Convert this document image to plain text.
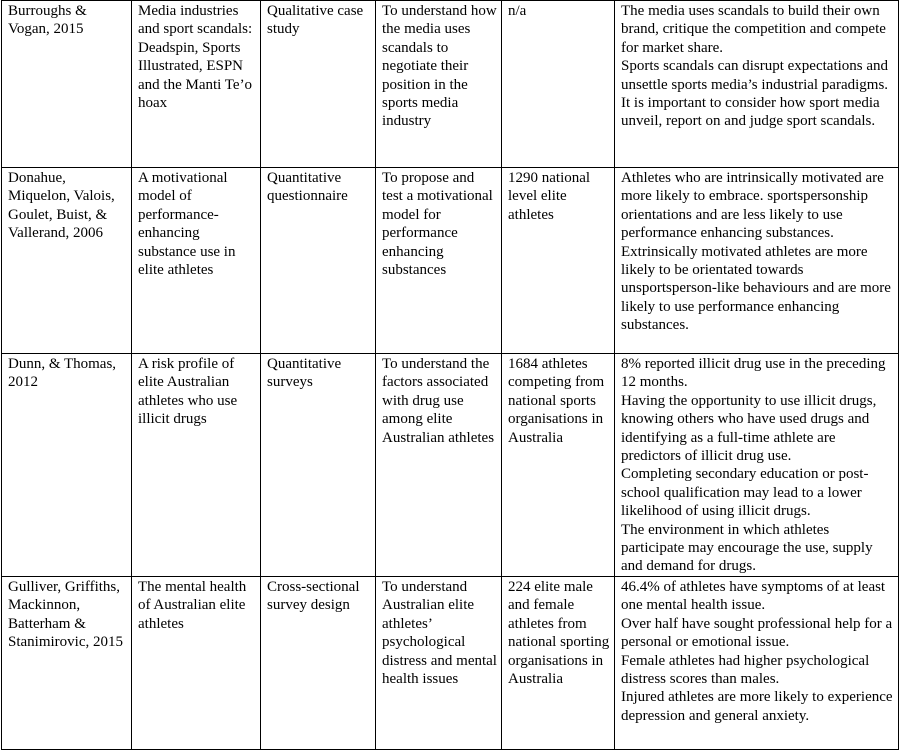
Burroughs & Vogan, 2015	Media industries and sport scandals: Deadspin, Sports Illustrated, ESPN and the Manti Te’o hoax	Qualitative case study	To understand how the media uses scandals to negotiate their position in the sports media industry	n/a	The media uses scandals to build their own brand, critique the competition and compete for market share.

Sports scandals can disrupt expectations and unsettle sports media’s industrial paradigms.

It is important to consider how sport media unveil, report on and judge sport scandals.

Donahue, Miquelon, Valois, Goulet, Buist, & Vallerand, 2006	A motivational model of performance-enhancing substance use in elite athletes	Quantitative questionnaire	To propose and test a motivational model for performance enhancing substances	1290 national level elite athletes	Athletes who are intrinsically motivated are more likely to embrace. sportspersonship orientations and are less likely to use performance enhancing substances.

Extrinsically motivated athletes are more likely to be orientated towards unsportsperson-like behaviours and are more likely to use performance enhancing substances.

Dunn, & Thomas, 2012	A risk profile of elite Australian athletes who use illicit drugs	Quantitative surveys	To understand the factors associated with drug use among elite Australian athletes	1684 athletes competing from national sports organisations in Australia	8% reported illicit drug use in the preceding 12 months.

Having the opportunity to use illicit drugs, knowing others who have used drugs and identifying as a full-time athlete are predictors of illicit drug use.

Completing secondary education or post-school qualification may lead to a lower likelihood of using illicit drugs.

The environment in which athletes participate may encourage the use, supply and demand for drugs.

Gulliver, Griffiths, Mackinnon, Batterham & Stanimirovic, 2015	The mental health of Australian elite athletes	Cross-sectional survey design	To understand Australian elite athletes’ psychological distress and mental health issues	224 elite male and female athletes from national sporting organisations in Australia	46.4% of athletes have symptoms of at least one mental health issue.

Over half have sought professional help for a personal or emotional issue.

Female athletes had higher psychological distress scores than males.

Injured athletes are more likely to experience depression and general anxiety.
